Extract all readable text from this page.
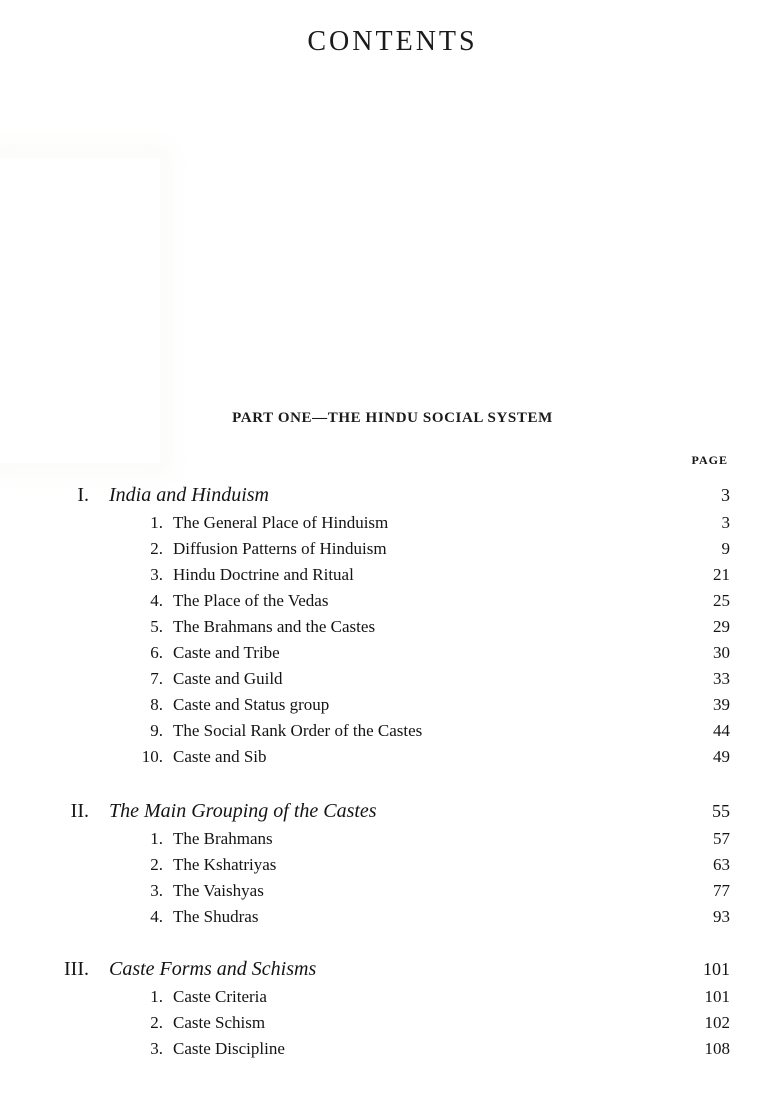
CONTENTS
PART ONE—THE HINDU SOCIAL SYSTEM
PAGE
I. India and Hinduism	3
1. The General Place of Hinduism	3
2. Diffusion Patterns of Hinduism	9
3. Hindu Doctrine and Ritual	21
4. The Place of the Vedas	25
5. The Brahmans and the Castes	29
6. Caste and Tribe	30
7. Caste and Guild	33
8. Caste and Status group	39
9. The Social Rank Order of the Castes	44
10. Caste and Sib	49
II. The Main Grouping of the Castes	55
1. The Brahmans	57
2. The Kshatriyas	63
3. The Vaishyas	77
4. The Shudras	93
III. Caste Forms and Schisms	101
1. Caste Criteria	101
2. Caste Schism	102
3. Caste Discipline	108
